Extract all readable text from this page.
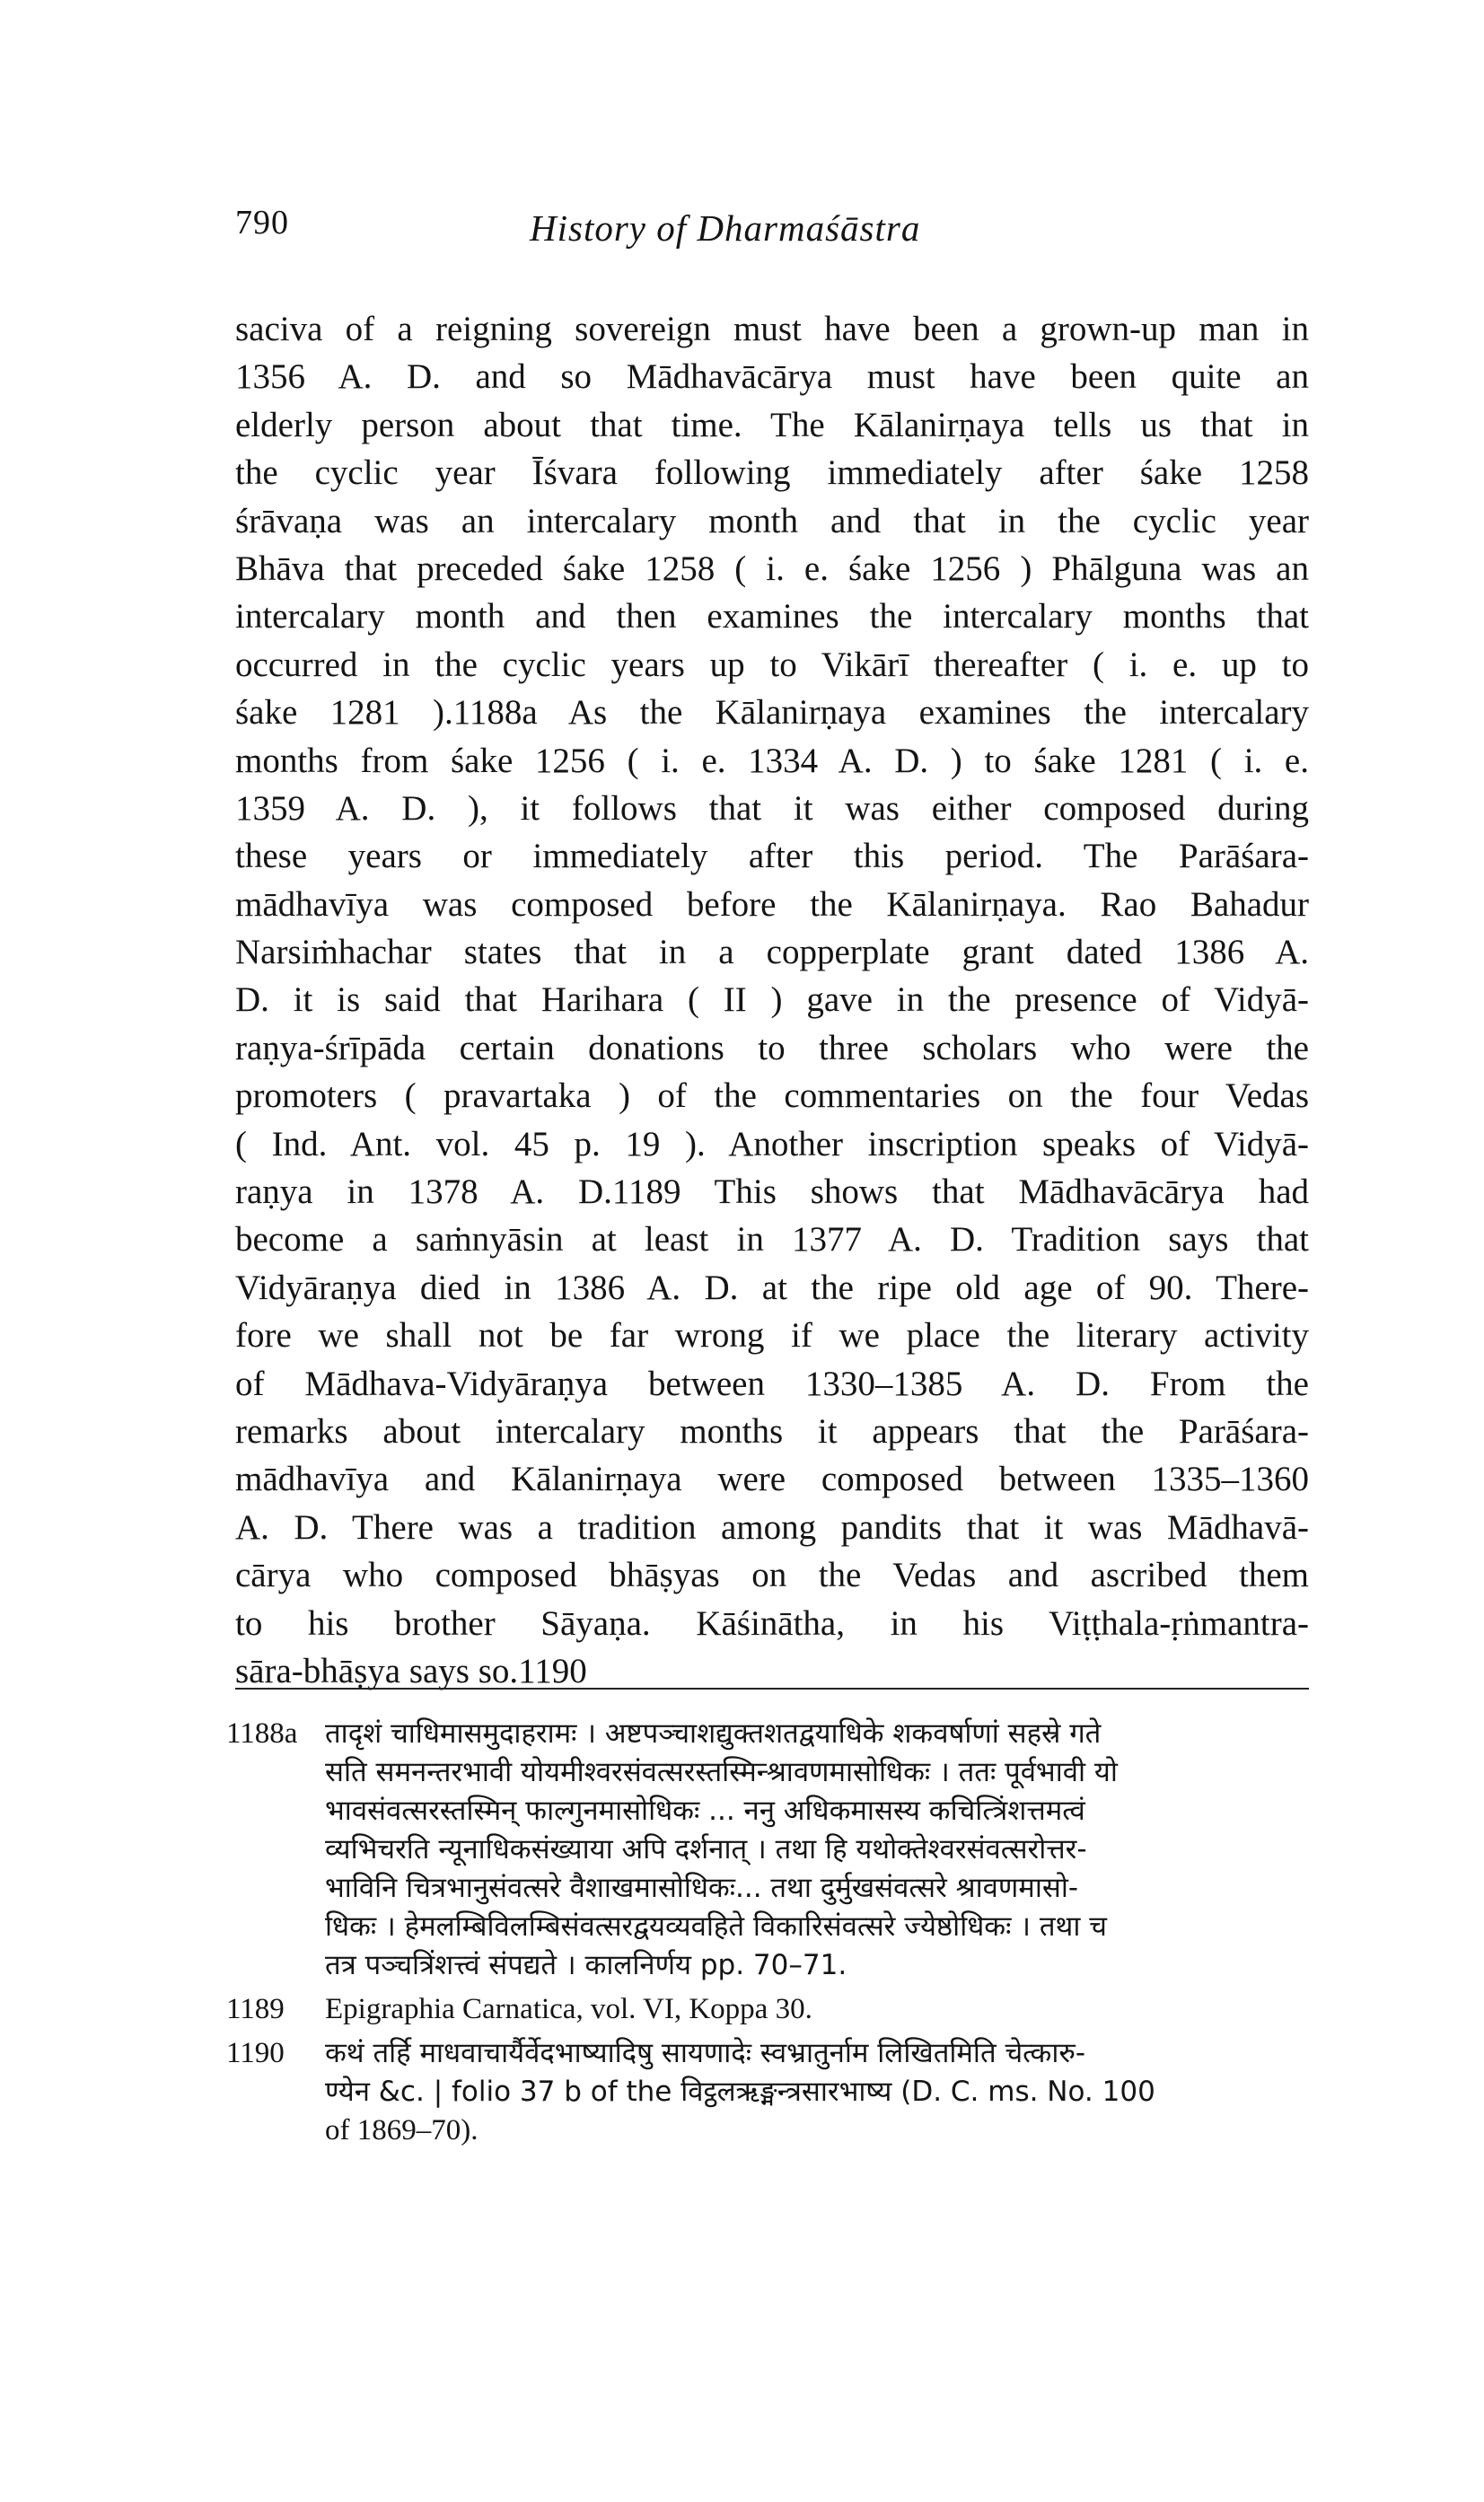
790	History of Dharmaśāstra
saciva of a reigning sovereign must have been a grown-up man in
1356 A. D. and so Mādhavācārya must have been quite an
elderly person about that time. The Kālanirṇaya tells us that in
the cyclic year Īśvara following immediately after śake 1258
śrāvaṇa was an intercalary month and that in the cyclic year
Bhāva that preceded śake 1258 ( i. e. śake 1256 ) Phālguna was an
intercalary month and then examines the intercalary months that
occurred in the cyclic years up to Vikārī thereafter ( i. e. up to
śake 1281 ).1188a As the Kālanirṇaya examines the intercalary
months from śake 1256 ( i. e. 1334 A. D. ) to śake 1281 ( i. e.
1359 A. D. ), it follows that it was either composed during
these years or immediately after this period. The Parāśara-
mādhavīya was composed before the Kālanirṇaya. Rao Bahadur
Narsiṁhachar states that in a copperplate grant dated 1386 A.
D. it is said that Harihara ( II ) gave in the presence of Vidyā-
raṇya-śrīpāda certain donations to three scholars who were the
promoters ( pravartaka ) of the commentaries on the four Vedas
( Ind. Ant. vol. 45 p. 19 ). Another inscription speaks of Vidyā-
raṇya in 1378 A. D.1189 This shows that Mādhavācārya had
become a saṁnyāsin at least in 1377 A. D. Tradition says that
Vidyāraṇya died in 1386 A. D. at the ripe old age of 90. There-
fore we shall not be far wrong if we place the literary activity
of Mādhava-Vidyāraṇya between 1330–1385 A. D. From the
remarks about intercalary months it appears that the Parāśara-
mādhavīya and Kālanirṇaya were composed between 1335–1360
A. D. There was a tradition among pandits that it was Mādhavā-
cārya who composed bhāṣyas on the Vedas and ascribed them
to his brother Sāyaṇa. Kāśinātha, in his Viṭṭhala-ṛṅmantra-
sāra-bhāṣya says so.1190
1188a तादृशं चाधिमासमुदाहरामः । अष्टपञ्चाशद्युक्तशतद्वयाधिके शकवर्षाणां सहस्रे गते
सति समनन्तरभावी योयमीश्वरसंवत्सरस्तस्मिन्श्रावणमासोधिकः । ततः पूर्वभावी यो
भावसंवत्सरस्तस्मिन् फाल्गुनमासोधिकः ... ननु अधिकमासस्य कचित्त्रिंशत्तमत्वं
व्यभिचरति न्यूनाधिकसंख्याया अपि दर्शनात् । तथा हि यथोक्तेश्वरसंवत्सरोत्तर-
भाविनि चित्रभानुसंवत्सरे वैशाखमासोधिकः... तथा दुर्मुखसंवत्सरे श्रावणमासो-
धिकः । हेमलम्बिविलम्बिसंवत्सरद्वयव्यवहिते विकारिसंवत्सरे ज्येष्ठोधिकः । तथा च
तत्र पञ्चत्रिंशत्त्वं संपद्यते । कालनिर्णय pp. 70–71.
1189 Epigraphia Carnatica, vol. VI, Koppa 30.
1190 कथं तर्हि माधवाचार्यैर्वेदभाष्यादिषु सायणादेः स्वभ्रातुर्नाम लिखितमिति चेत्कारु-
ण्येन &c. | folio 37 b of the विट्ठलऋङ्मन्त्रसारभाष्य (D. C. ms. No. 100
of 1869–70).
